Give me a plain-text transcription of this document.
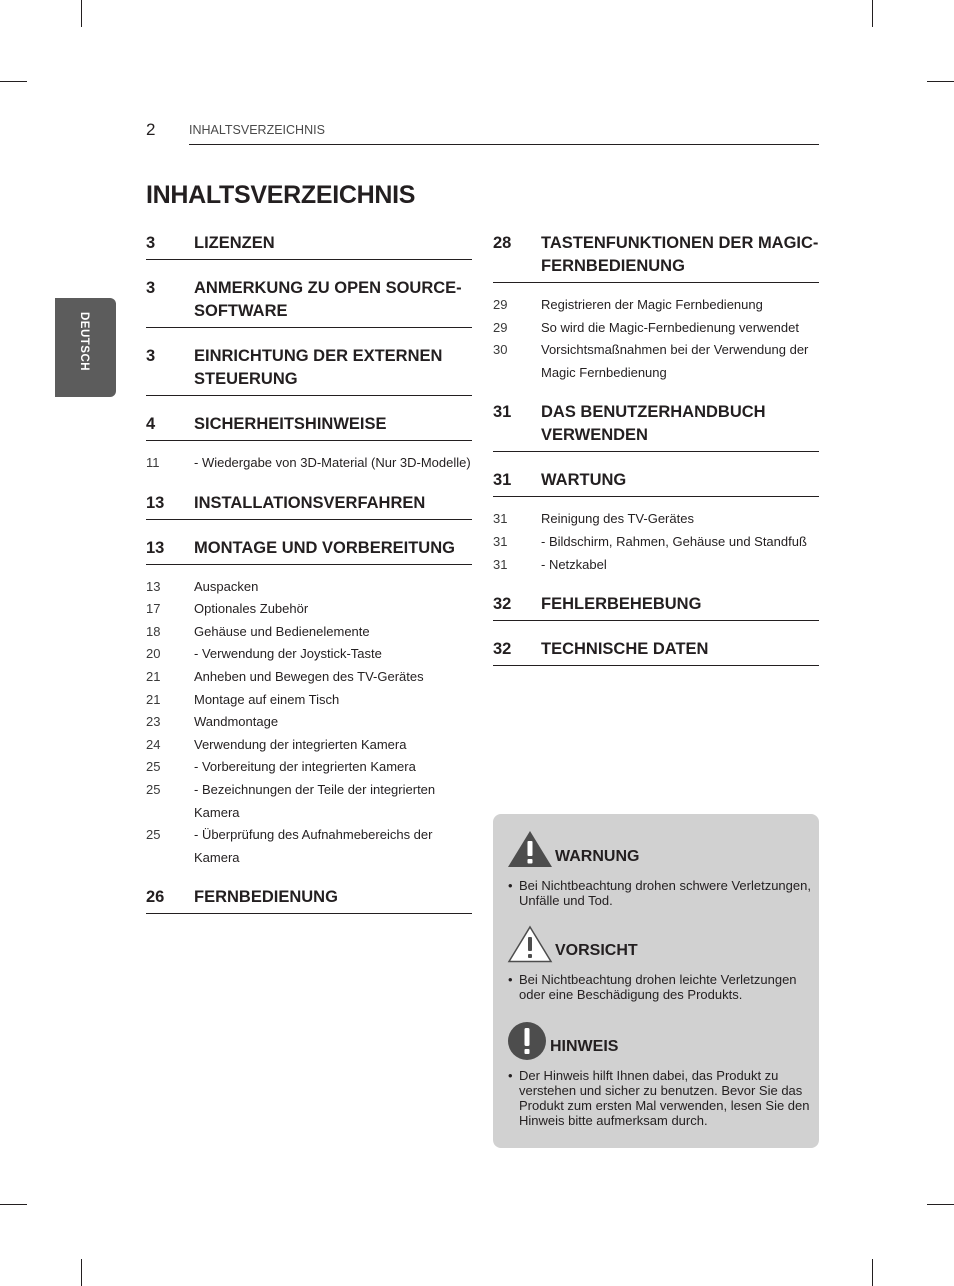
2	INHALTSVERZEICHNIS
INHALTSVERZEICHNIS
DEUTSCH
3 LIZENZEN
3 ANMERKUNG ZU OPEN SOURCE-SOFTWARE
3 EINRICHTUNG DER EXTERNEN STEUERUNG
4 SICHERHEITSHINWEISE
11	- Wiedergabe von 3D-Material (Nur 3D-Modelle)
13 INSTALLATIONSVERFAHREN
13 MONTAGE UND VORBEREITUNG
13	Auspacken
17	Optionales Zubehör
18	Gehäuse und Bedienelemente
20	- Verwendung der Joystick-Taste
21	Anheben und Bewegen des TV-Gerätes
21	Montage auf einem Tisch
23	Wandmontage
24	Verwendung der integrierten Kamera
25	- Vorbereitung der integrierten Kamera
25	- Bezeichnungen der Teile der integrierten Kamera
25	- Überprüfung des Aufnahmebereichs der Kamera
26 FERNBEDIENUNG
28 TASTENFUNKTIONEN DER MAGIC-FERNBEDIENUNG
29	Registrieren der Magic Fernbedienung
29	So wird die Magic-Fernbedienung verwendet
30	Vorsichtsmaßnahmen bei der Verwendung der Magic Fernbedienung
31 DAS BENUTZERHANDBUCH VERWENDEN
31 WARTUNG
31	Reinigung des TV-Gerätes
31	- Bildschirm, Rahmen, Gehäuse und Standfuß
31	- Netzkabel
32 FEHLERBEHEBUNG
32 TECHNISCHE DATEN
WARNUNG
• Bei Nichtbeachtung drohen schwere Verletzungen,
Unfälle und Tod.
VORSICHT
• Bei Nichtbeachtung drohen leichte Verletzungen
oder eine Beschädigung des Produkts.
HINWEIS
• Der Hinweis hilft Ihnen dabei, das Produkt zu
verstehen und sicher zu benutzen. Bevor Sie das
Produkt zum ersten Mal verwenden, lesen Sie den
Hinweis bitte aufmerksam durch.
